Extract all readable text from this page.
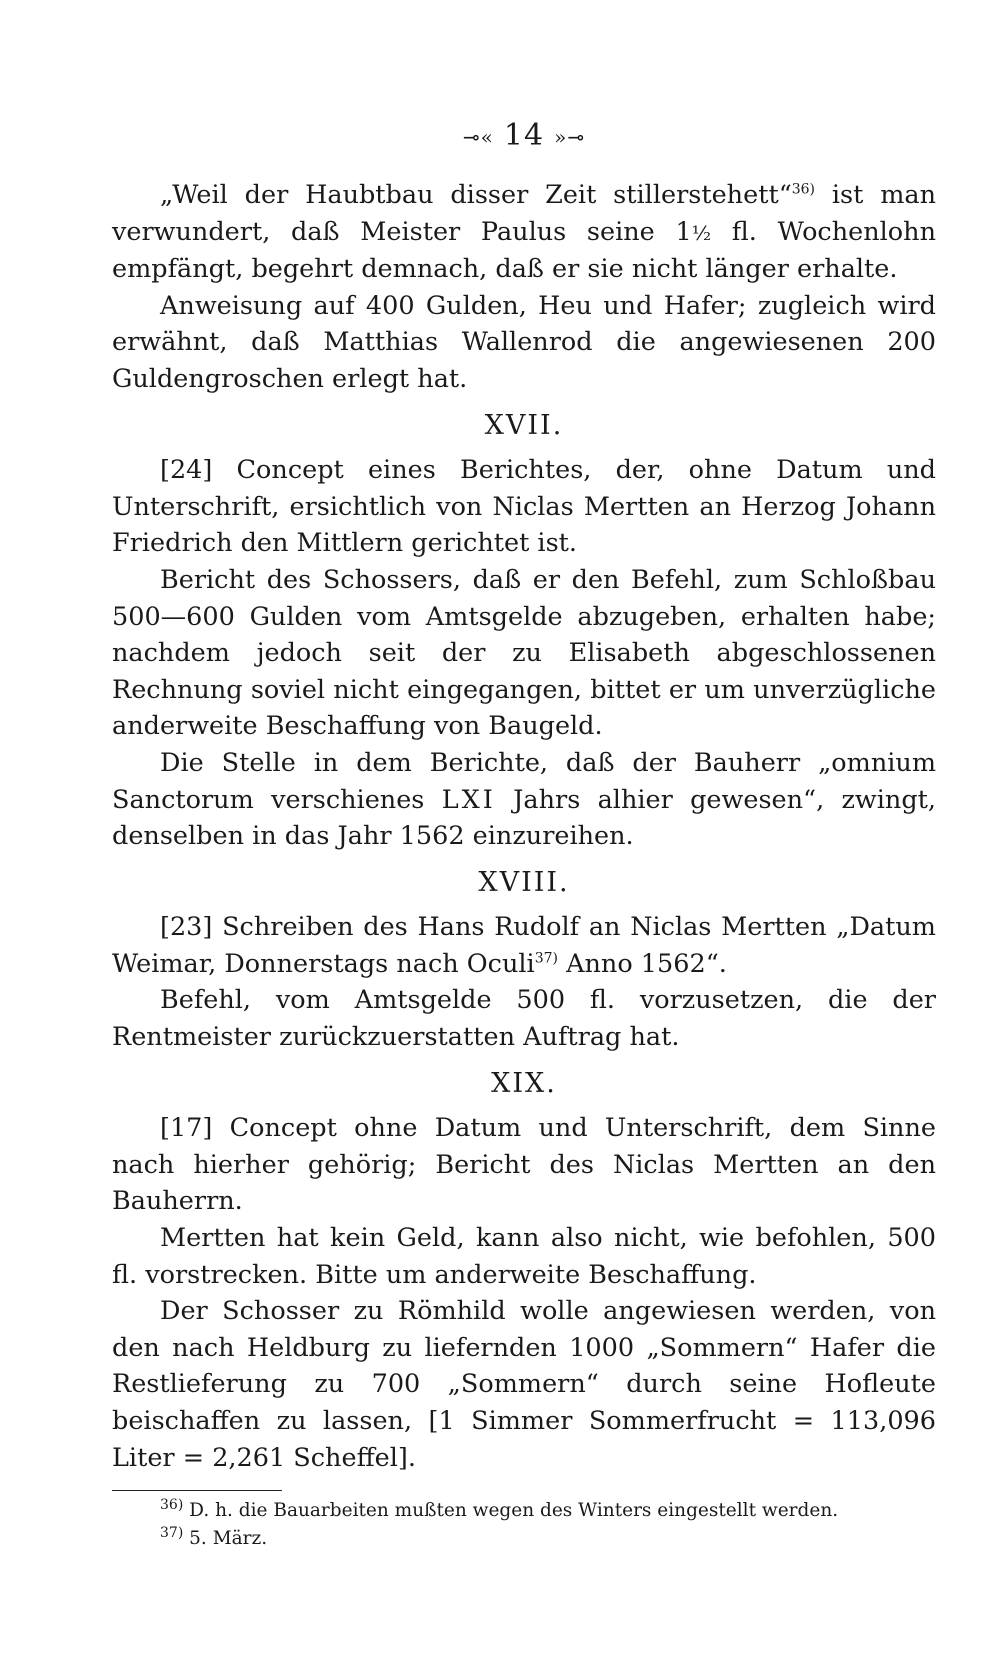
⊸« 14 »⊸

„Weil der Haubtbau disser Zeit stillerstehett“$^{36)}$ ist man verwundert, daß Meister Paulus seine 1½ fl. Wochenlohn empfängt, begehrt demnach, daß er sie nicht länger erhalte.

Anweisung auf 400 Gulden, Heu und Hafer; zugleich wird erwähnt, daß Matthias Wallenrod die angewiesenen 200 Guldengroschen erlegt hat.

XVII.

[24] Concept eines Berichtes, der, ohne Datum und Unterschrift, ersichtlich von Niclas Mertten an Herzog Johann Friedrich den Mittlern gerichtet ist.

Bericht des Schossers, daß er den Befehl, zum Schloßbau 500—600 Gulden vom Amtsgelde abzugeben, erhalten habe; nachdem jedoch seit der zu Elisabeth abgeschlossenen Rechnung soviel nicht eingegangen, bittet er um unverzügliche anderweite Beschaffung von Baugeld.

Die Stelle in dem Berichte, daß der Bauherr „omnium Sanctorum verschienes LXI Jahrs alhier gewesen“, zwingt, denselben in das Jahr 1562 einzureihen.

XVIII.

[23] Schreiben des Hans Rudolf an Niclas Mertten „Datum Weimar, Donnerstags nach Oculi$^{37)}$ Anno 1562“.

Befehl, vom Amtsgelde 500 fl. vorzusetzen, die der Rentmeister zurückzuerstatten Auftrag hat.

XIX.

[17] Concept ohne Datum und Unterschrift, dem Sinne nach hierher gehörig; Bericht des Niclas Mertten an den Bauherrn.

Mertten hat kein Geld, kann also nicht, wie befohlen, 500 fl. vorstrecken. Bitte um anderweite Beschaffung.

Der Schosser zu Römhild wolle angewiesen werden, von den nach Heldburg zu liefernden 1000 „Sommern“ Hafer die Restlieferung zu 700 „Sommern“ durch seine Hofleute beischaffen zu lassen, [1 Simmer Sommerfrucht = 113,096 Liter = 2,261 Scheffel].

$^{36)}$ D. h. die Bauarbeiten mußten wegen des Winters eingestellt werden.

$^{37)}$ 5. März.
